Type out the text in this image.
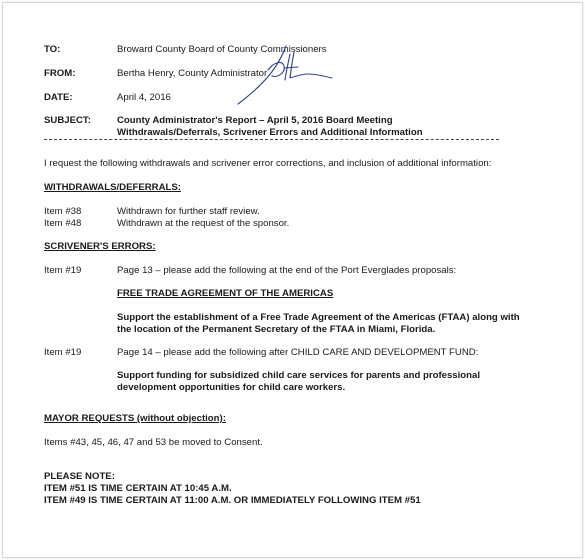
TO:	Broward County Board of County Commissioners
FROM:	Bertha Henry, County Administrator
DATE:	April 4, 2016
SUBJECT:	County Administrator's Report – April 5, 2016 Board Meeting
Withdrawals/Deferrals, Scrivener Errors and Additional Information
I request the following withdrawals and scrivener error corrections, and inclusion of additional information:
WITHDRAWALS/DEFERRALS:
Item #38	Withdrawn for further staff review.
Item #48	Withdrawn at the request of the sponsor.
SCRIVENER'S ERRORS:
Item #19	Page 13 – please add the following at the end of the Port Everglades proposals:
FREE TRADE AGREEMENT OF THE AMERICAS
Support the establishment of a Free Trade Agreement of the Americas (FTAA) along with
the location of the Permanent Secretary of the FTAA in Miami, Florida.
Item #19	Page 14 – please add the following after CHILD CARE AND DEVELOPMENT FUND:
Support funding for subsidized child care services for parents and professional
development opportunities for child care workers.
MAYOR REQUESTS (without objection):
Items #43, 45, 46, 47 and 53 be moved to Consent.
PLEASE NOTE:
ITEM #51 IS TIME CERTAIN AT 10:45 A.M.
ITEM #49 IS TIME CERTAIN AT 11:00 A.M. OR IMMEDIATELY FOLLOWING ITEM #51
